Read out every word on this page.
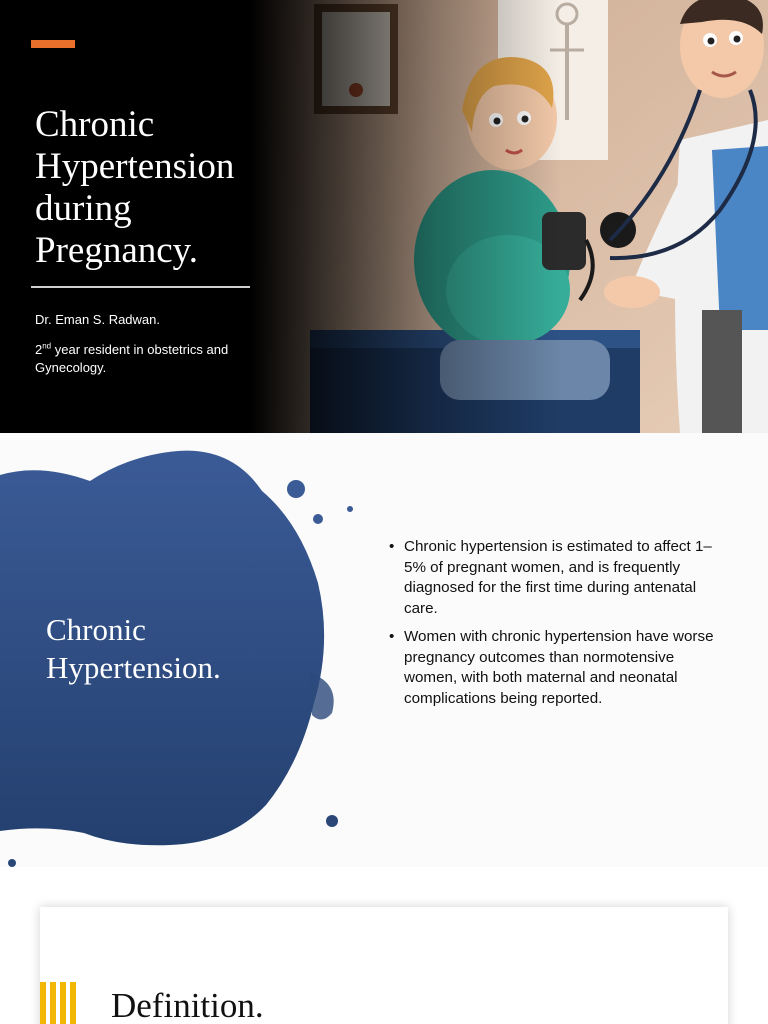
Chronic
Hypertension
during
Pregnancy.
Dr. Eman S. Radwan.
2nd year resident in obstetrics and Gynecology.
Chronic
Hypertension.
• Chronic hypertension is estimated to affect 1–5% of pregnant women, and is frequently diagnosed for the first time during antenatal care.
• Women with chronic hypertension have worse pregnancy outcomes than normotensive women, with both maternal and neonatal complications being reported.
Definition.
